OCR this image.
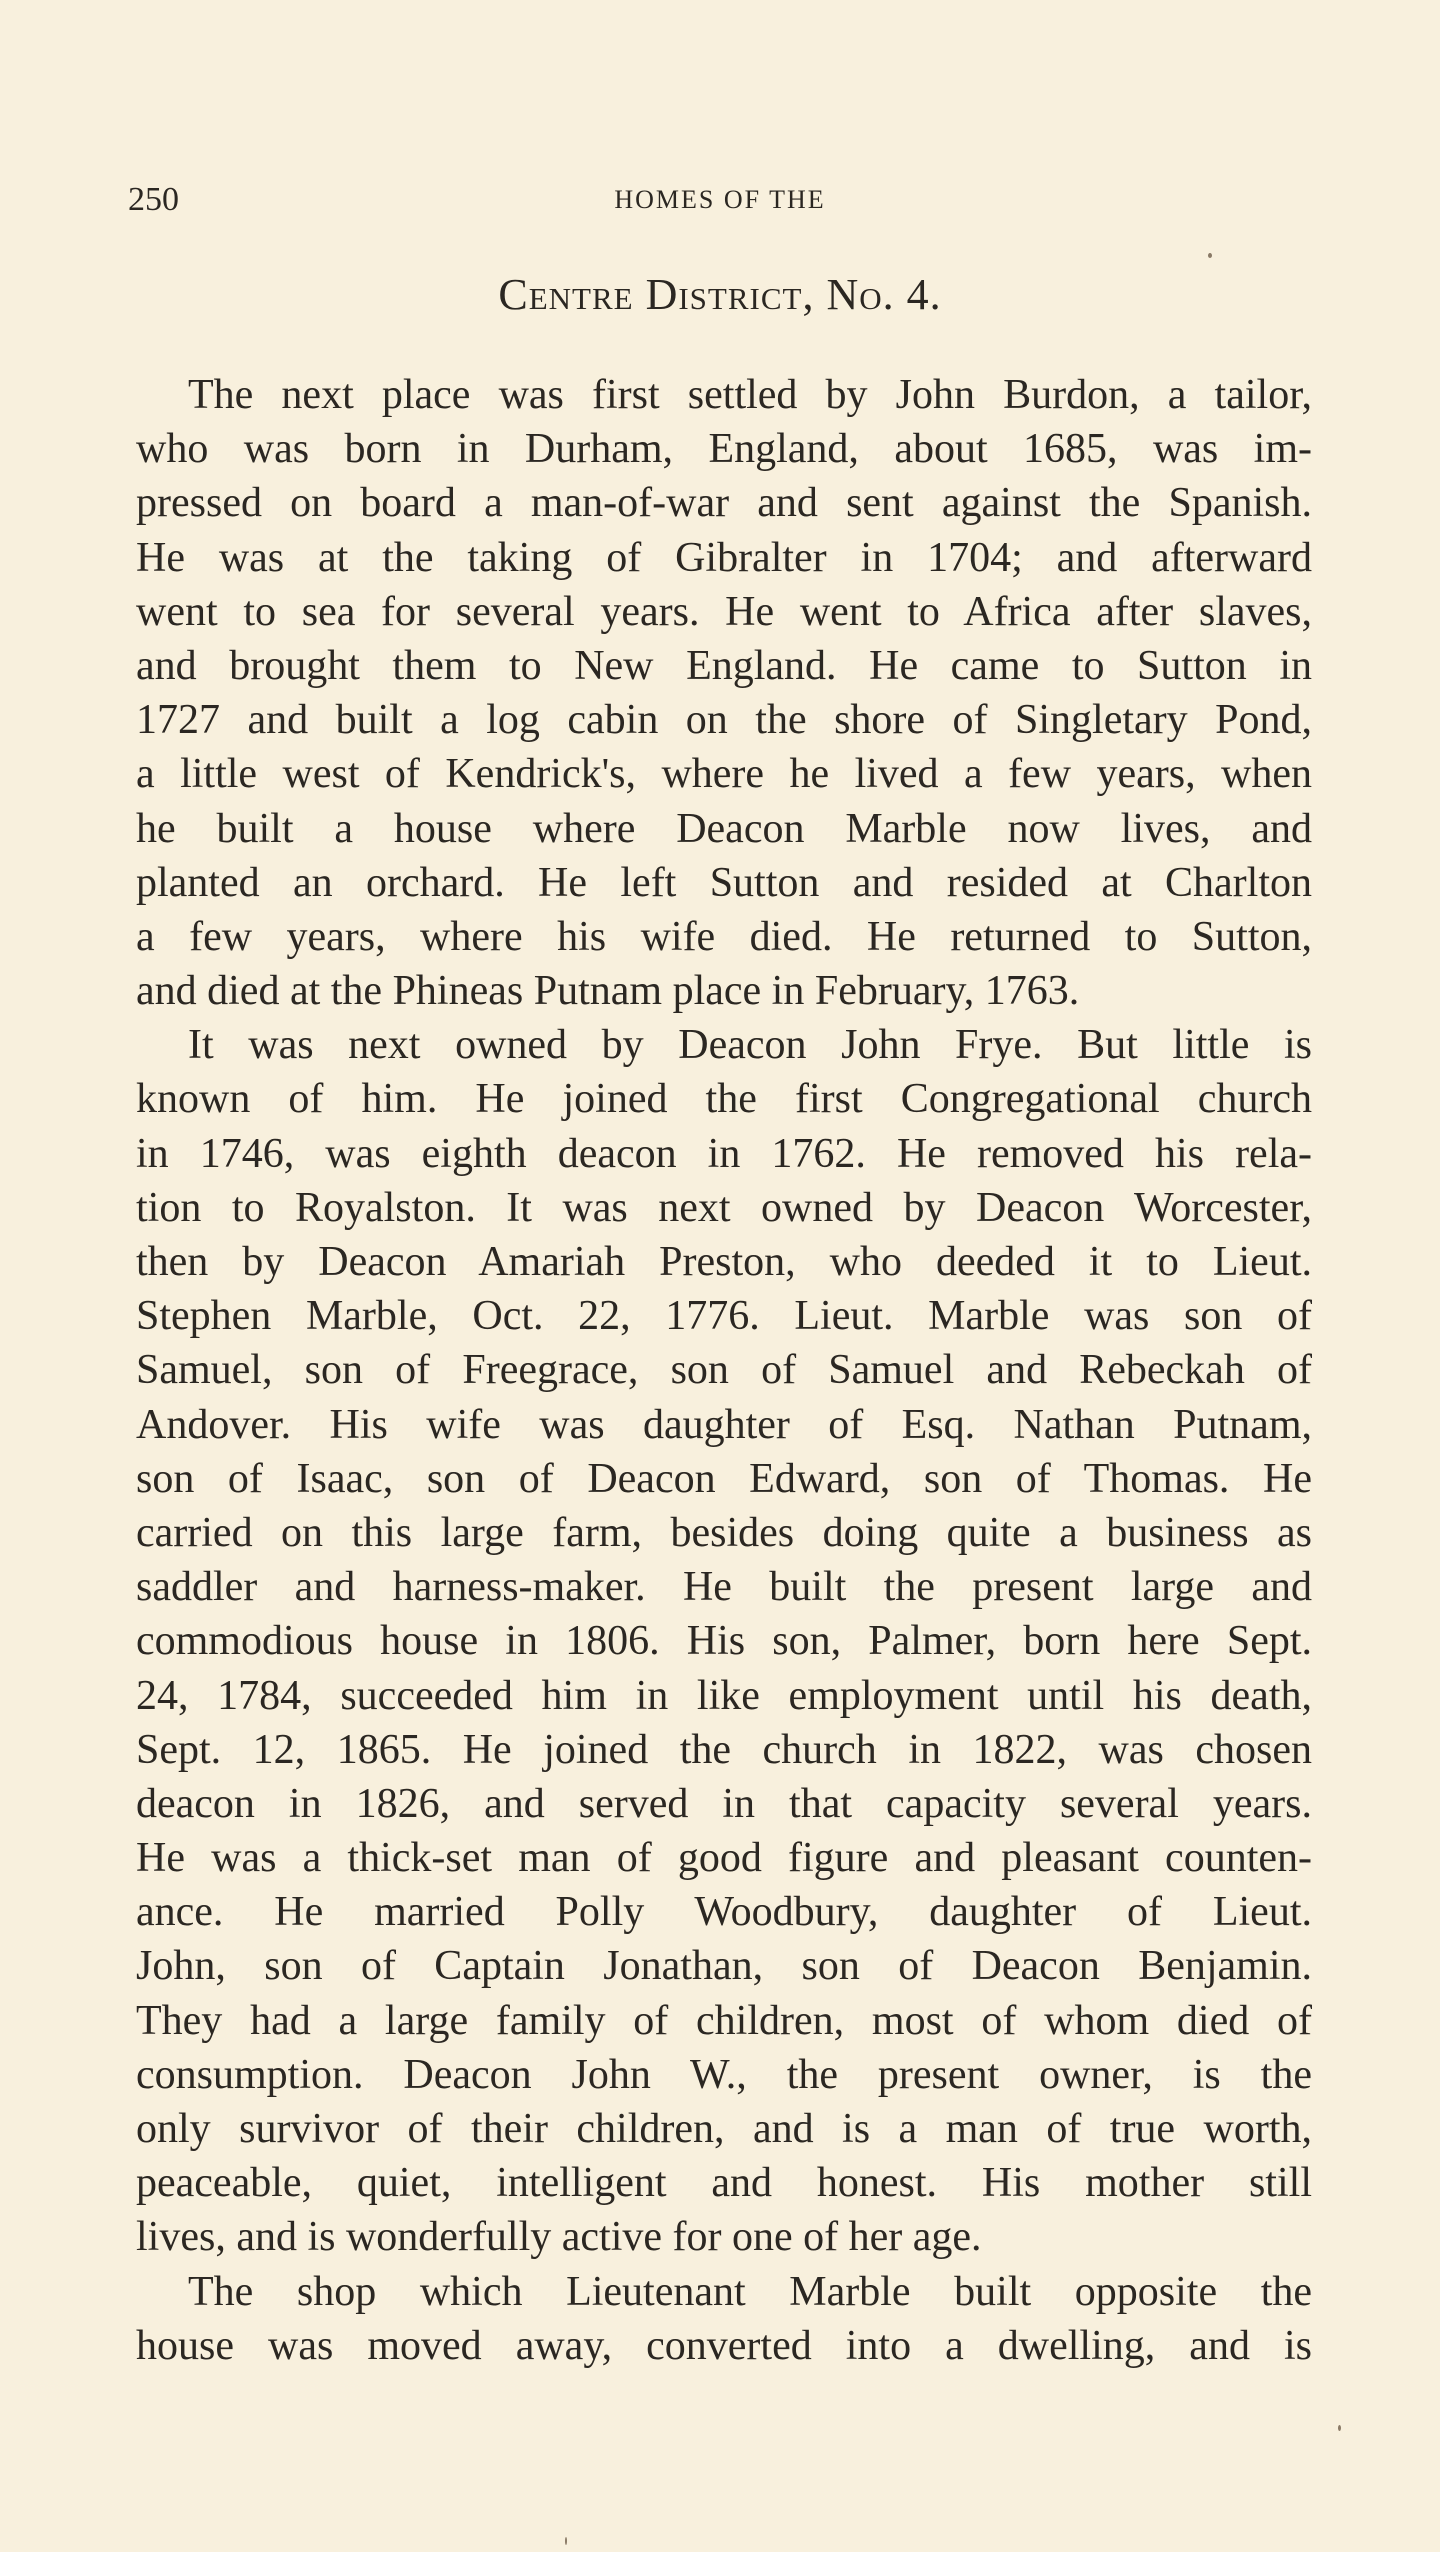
250	HOMES OF THE
Centre District, No. 4.
The next place was first settled by John Burdon, a tailor,
who was born in Durham, England, about 1685, was im-
pressed on board a man-of-war and sent against the Spanish.
He was at the taking of Gibralter in 1704; and afterward
went to sea for several years. He went to Africa after slaves,
and brought them to New England. He came to Sutton in
1727 and built a log cabin on the shore of Singletary Pond,
a little west of Kendrick's, where he lived a few years, when
he built a house where Deacon Marble now lives, and
planted an orchard. He left Sutton and resided at Charlton
a few years, where his wife died. He returned to Sutton,
and died at the Phineas Putnam place in February, 1763.
It was next owned by Deacon John Frye. But little is
known of him. He joined the first Congregational church
in 1746, was eighth deacon in 1762. He removed his rela-
tion to Royalston. It was next owned by Deacon Worcester,
then by Deacon Amariah Preston, who deeded it to Lieut.
Stephen Marble, Oct. 22, 1776. Lieut. Marble was son of
Samuel, son of Freegrace, son of Samuel and Rebeckah of
Andover. His wife was daughter of Esq. Nathan Putnam,
son of Isaac, son of Deacon Edward, son of Thomas. He
carried on this large farm, besides doing quite a business as
saddler and harness-maker. He built the present large and
commodious house in 1806. His son, Palmer, born here Sept.
24, 1784, succeeded him in like employment until his death,
Sept. 12, 1865. He joined the church in 1822, was chosen
deacon in 1826, and served in that capacity several years.
He was a thick-set man of good figure and pleasant counten-
ance. He married Polly Woodbury, daughter of Lieut.
John, son of Captain Jonathan, son of Deacon Benjamin.
They had a large family of children, most of whom died of
consumption. Deacon John W., the present owner, is the
only survivor of their children, and is a man of true worth,
peaceable, quiet, intelligent and honest. His mother still
lives, and is wonderfully active for one of her age.
The shop which Lieutenant Marble built opposite the
house was moved away, converted into a dwelling, and is
